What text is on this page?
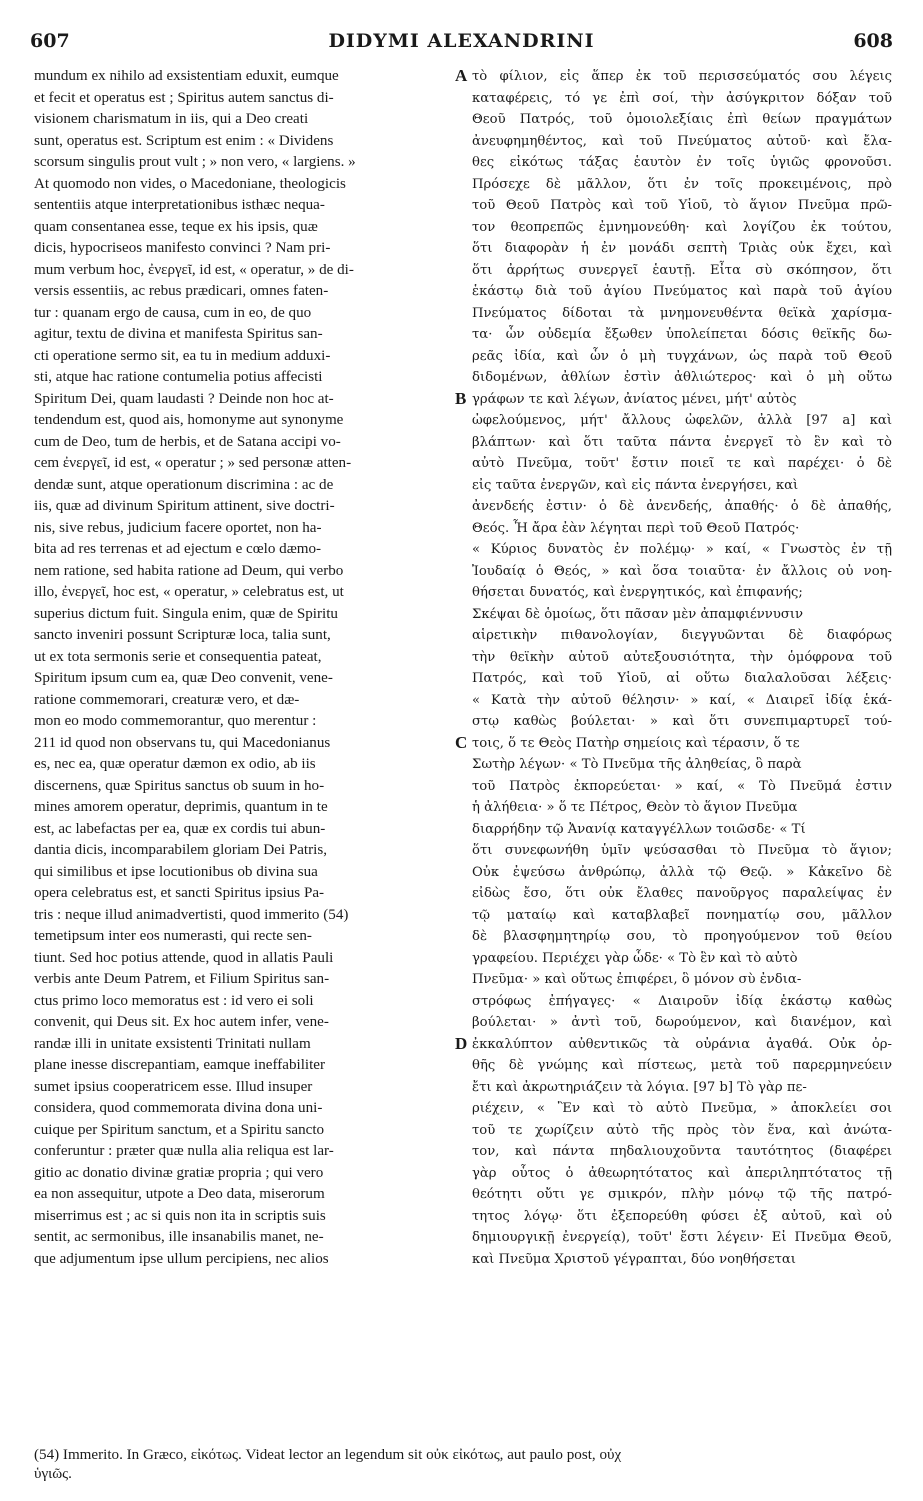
607	DIDYMI ALEXANDRINI	608
mundum ex nihilo ad exsistentiam eduxit, eumque
et fecit et operatus est ; Spiritus autem sanctus di-
visionem charismatum in iis, qui a Deo creati
sunt, operatus est. Scriptum est enim : « Dividens
scorsum singulis prout vult ; » non vero, « largiens. »
At quomodo non vides, o Macedoniane, theologicis
sententiis atque interpretationibus isthæc nequa-
quam consentanea esse, teque ex his ipsis, quæ
dicis, hypocriseos manifesto convinci ? Nam pri-
mum verbum hoc, ἐνεργεῖ, id est, « operatur, » de di-
versis essentiis, ac rebus prædicari, omnes faten-
tur : quanam ergo de causa, cum in eo, de quo
agitur, textu de divina et manifesta Spiritus san-
cti operatione sermo sit, ea tu in medium adduxi-
sti, atque hac ratione contumelia potius affecisti
Spiritum Dei, quam laudasti ? Deinde non hoc at-
tendendum est, quod ais, homonyme aut synonyme
cum de Deo, tum de herbis, et de Satana accipi vo-
cem ἐνεργεῖ, id est, « operatur ; » sed personæ atten-
dendæ sunt, atque operationum discrimina : ac de
iis, quæ ad divinum Spiritum attinent, sive doctri-
nis, sive rebus, judicium facere oportet, non ha-
bita ad res terrenas et ad ejectum e cœlo dæmo-
nem ratione, sed habita ratione ad Deum, qui verbo
illo, ἐνεργεῖ, hoc est, « operatur, » celebratus est, ut
superius dictum fuit. Singula enim, quæ de Spiritu
sancto inveniri possunt Scripturæ loca, talia sunt,
ut ex tota sermonis serie et consequentia pateat,
Spiritum ipsum cum ea, quæ Deo convenit, vene-
ratione commemorari, creaturæ vero, et dæ-
mon eo modo commemorantur, quo merentur :
211 id quod non observans tu, qui Macedonianus
es, nec ea, quæ operatur dæmon ex odio, ab iis
discernens, quæ Spiritus sanctus ob suum in ho-
mines amorem operatur, deprimis, quantum in te
est, ac labefactas per ea, quæ ex cordis tui abun-
dantia dicis, incomparabilem gloriam Dei Patris,
qui similibus et ipse locutionibus ob divina sua
opera celebratus est, et sancti Spiritus ipsius Pa-
tris : neque illud animadvertisti, quod immerito (54)
temetipsum inter eos numerasti, qui recte sen-
tiunt. Sed hoc potius attende, quod in allatis Pauli
verbis ante Deum Patrem, et Filium Spiritus san-
ctus primo loco memoratus est : id vero ei soli
convenit, qui Deus sit. Ex hoc autem infer, vene-
randæ illi in unitate exsistenti Trinitati nullam
plane inesse discrepantiam, eamque ineffabiliter
sumet ipsius cooperatricem esse. Illud insuper
considera, quod commemorata divina dona uni-
cuique per Spiritum sanctum, et a Spiritu sancto
conferuntur : præter quæ nulla alia reliqua est lar-
gitio ac donatio divinæ gratiæ propria ; qui vero
ea non assequitur, utpote a Deo data, miserorum
miserrimus est ; ac si quis non ita in scriptis suis
sentit, ac sermonibus, ille insanabilis manet, ne-
que adjumentum ipse ullum percipiens, nec alios
τὸ φίλιον, εἰς ἅπερ ἐκ τοῦ περισσεύματός σου λέγεις
καταφέρεις, τό γε ἐπὶ σοί, τὴν ἀσύγκριτον δόξαν τοῦ
Θεοῦ Πατρός, τοῦ ὁμοιολεξίαις ἐπὶ θείων πραγμάτων
ἀνευφημηθέντος, καὶ τοῦ Πνεύματος αὐτοῦ· καὶ ἔλα-
θες εἰκότως τάξας ἑαυτὸν ἐν τοῖς ὑγιῶς φρονοῦσι.
Πρόσεχε δὲ μᾶλλον, ὅτι ἐν τοῖς προκειμένοις, πρὸ
τοῦ Θεοῦ Πατρὸς καὶ τοῦ Υἱοῦ, τὸ ἅγιον Πνεῦμα πρῶ-
τον θεοπρεπῶς ἐμνημονεύθη· καὶ λογίζου ἐκ τούτου,
ὅτι διαφορὰν ἡ ἐν μονάδι σεπτὴ Τριὰς οὐκ ἔχει, καὶ
ὅτι ἀρρήτως συνεργεῖ ἑαυτῇ. Εἶτα σὺ σκόπησον, ὅτι
ἑκάστῳ διὰ τοῦ ἁγίου Πνεύματος καὶ παρὰ τοῦ ἁγίου
Πνεύματος δίδοται τὰ μνημονευθέντα θεϊκὰ χαρίσμα-
τα· ὧν οὐδεμία ἔξωθεν ὑπολείπεται δόσις θεϊκῆς δω-
ρεᾶς ἰδία, καὶ ὧν ὁ μὴ τυγχάνων, ὡς παρὰ τοῦ Θεοῦ
διδομένων, ἀθλίων ἐστὶν ἀθλιώτερος· καὶ ὁ μὴ οὕτω
γράφων τε καὶ λέγων, ἀνίατος μένει, μήτ' αὐτὸς
ὠφελούμενος, μήτ' ἄλλους ὠφελῶν, ἀλλὰ [97 a] καὶ
βλάπτων· καὶ ὅτι ταῦτα πάντα ἐνεργεῖ τὸ ἓν καὶ τὸ
αὐτὸ Πνεῦμα, τοῦτ' ἔστιν ποιεῖ τε καὶ παρέχει· ὁ δὲ
εἰς ταῦτα ἐνεργῶν, καὶ εἰς πάντα ἐνεργήσει, καὶ
ἀνενδεής ἐστιν· ὁ δὲ ἀνενδεής, ἀπαθής· ὁ δὲ ἀπαθής,
Θεός. Ἦ ἄρα ἐὰν λέγηται περὶ τοῦ Θεοῦ Πατρός·
« Κύριος δυνατὸς ἐν πολέμῳ· » καί, « Γνωστὸς ἐν τῇ
Ἰουδαίᾳ ὁ Θεός, » καὶ ὅσα τοιαῦτα· ἐν ἄλλοις οὐ νοη-
θήσεται δυνατός, καὶ ἐνεργητικός, καὶ ἐπιφανής;
Σκέψαι δὲ ὁμοίως, ὅτι πᾶσαν μὲν ἀπαμφιέννυσιν
αἱρετικὴν πιθανολογίαν, διεγγυῶνται δὲ διαφόρως
τὴν θεϊκὴν αὐτοῦ αὐτεξουσιότητα, τὴν ὁμόφρονα τοῦ
Πατρός, καὶ τοῦ Υἱοῦ, αἱ οὕτω διαλαλοῦσαι λέξεις·
« Κατὰ τὴν αὐτοῦ θέλησιν· » καί, « Διαιρεῖ ἰδίᾳ ἑκά-
στῳ καθὼς βούλεται· » καὶ ὅτι συνεπιμαρτυρεῖ τού-
τοις, ὅ τε Θεὸς Πατὴρ σημείοις καὶ τέρασιν, ὅ τε
Σωτὴρ λέγων· « Τὸ Πνεῦμα τῆς ἀληθείας, ὃ παρὰ
τοῦ Πατρὸς ἐκπορεύεται· » καί, « Τὸ Πνεῦμά ἐστιν
ἡ ἀλήθεια· » ὅ τε Πέτρος, Θεὸν τὸ ἅγιον Πνεῦμα
διαρρήδην τῷ Ἀνανίᾳ καταγγέλλων τοιῶσδε· « Τί
ὅτι συνεφωνήθη ὑμῖν ψεύσασθαι τὸ Πνεῦμα τὸ ἅγιον;
Οὐκ ἐψεύσω ἀνθρώπῳ, ἀλλὰ τῷ Θεῷ. » Κἀκεῖνο δὲ
εἰδὼς ἔσο, ὅτι οὐκ ἔλαθες πανοῦργος παραλείψας ἐν
τῷ ματαίῳ καὶ καταβλαβεῖ πονηματίῳ σου, μᾶλλον
δὲ βλασφημητηρίῳ σου, τὸ προηγούμενον τοῦ θείου
γραφείου. Περιέχει γὰρ ὧδε· « Τὸ ἓν καὶ τὸ αὐτὸ
Πνεῦμα· » καὶ οὕτως ἐπιφέρει, ὃ μόνον σὺ ἐνδια-
στρόφως ἐπήγαγες· « Διαιροῦν ἰδίᾳ ἑκάστῳ καθὼς
βούλεται· » ἀντὶ τοῦ, δωρούμενον, καὶ διανέμον, καὶ
ἐκκαλύπτον αὐθεντικῶς τὰ οὐράνια ἀγαθά. Οὐκ ὀρ-
θῆς δὲ γνώμης καὶ πίστεως, μετὰ τοῦ παρερμηνεύειν
ἔτι καὶ ἀκρωτηριάζειν τὰ λόγια. [97 b] Τὸ γὰρ πε-
ριέχειν, « Ἓν καὶ τὸ αὐτὸ Πνεῦμα, » ἀποκλείει σοι
τοῦ τε χωρίζειν αὐτὸ τῆς πρὸς τὸν ἕνα, καὶ ἀνώτα-
τον, καὶ πάντα πηδαλιουχοῦντα ταυτότητος (διαφέρει
γὰρ οὗτος ὁ ἀθεωρητότατος καὶ ἀπεριληπτότατος τῇ
θεότητι οὔτι γε σμικρόν, πλὴν μόνῳ τῷ τῆς πατρό-
τητος λόγῳ· ὅτι ἐξεπορεύθη φύσει ἐξ αὐτοῦ, καὶ οὐ
δημιουργικῇ ἐνεργείᾳ), τοῦτ' ἔστι λέγειν· Εἰ Πνεῦμα Θεοῦ,
καὶ Πνεῦμα Χριστοῦ γέγραπται, δύο νοηθήσεται
A
B
C
D
(54) Immerito. In Græco, εἰκότως. Videat lector an legendum sit οὐκ εἰκότως, aut paulo post, οὐχ
ὑγιῶς.
